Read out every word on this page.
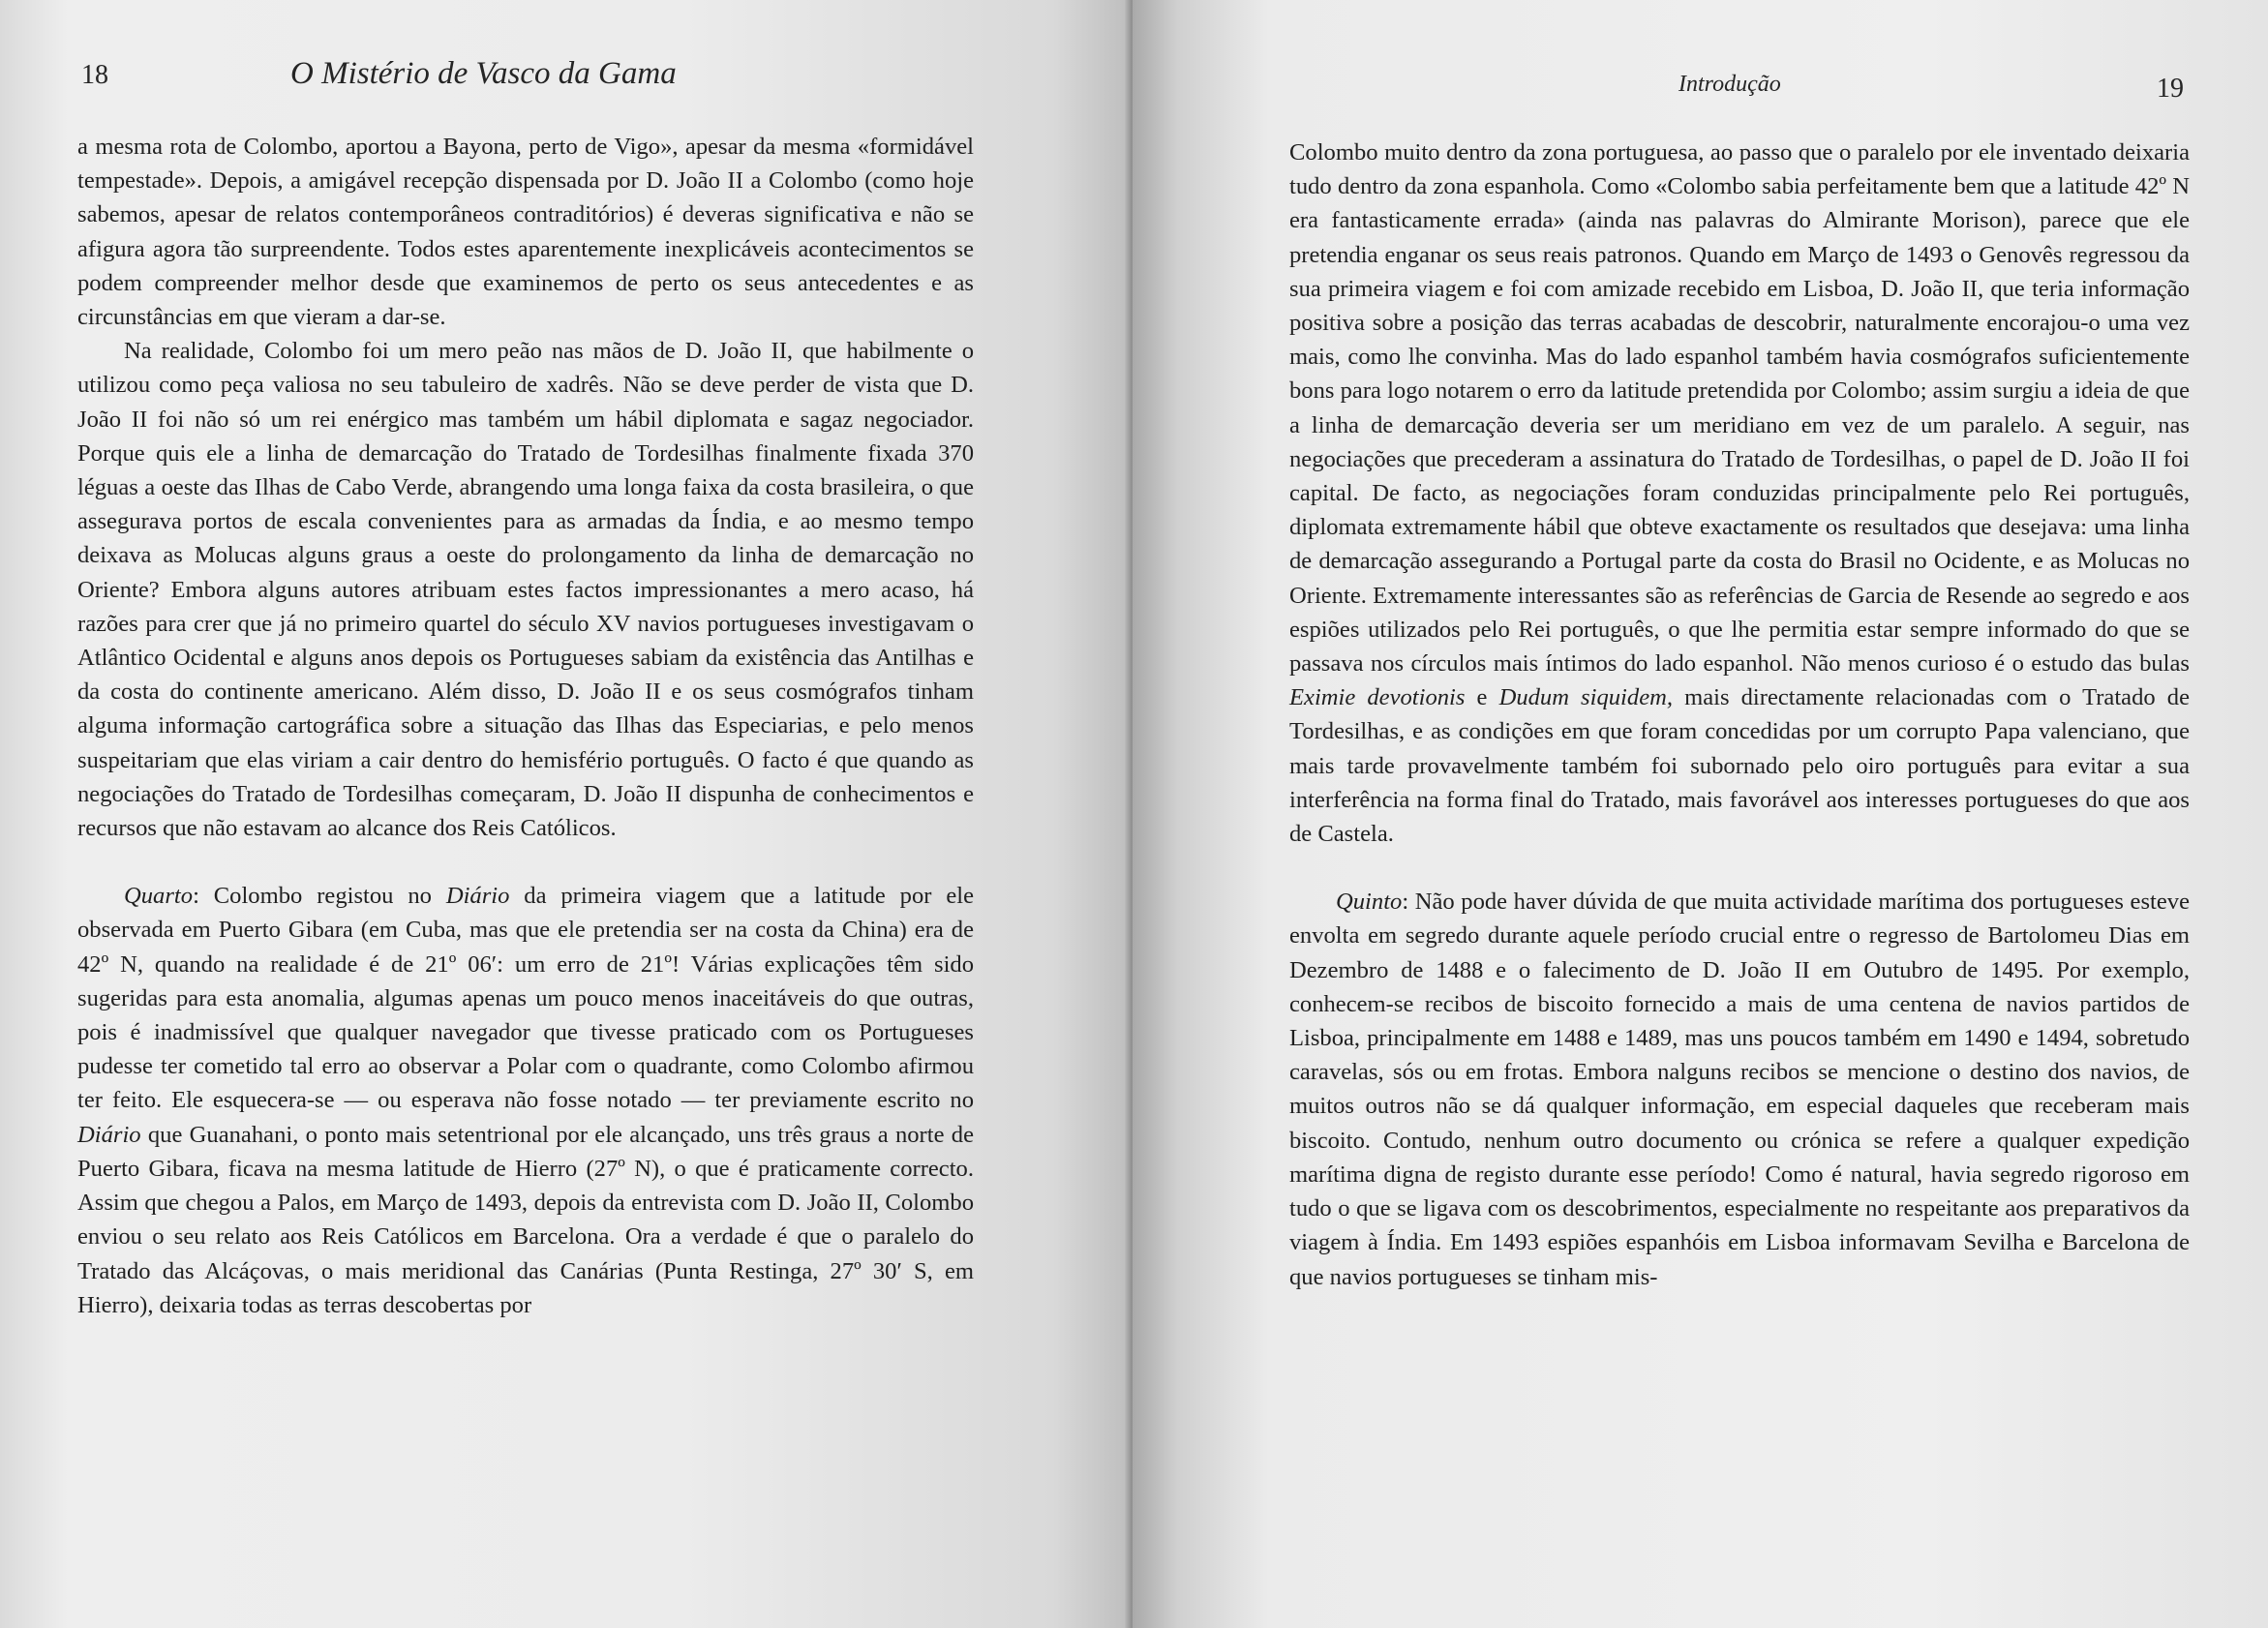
18	O Mistério de Vasco da Gama

a mesma rota de Colombo, aportou a Bayona, perto de Vigo», apesar da mesma «formidável tempestade». Depois, a amigável recepção dispensada por D. João II a Colombo (como hoje sabemos, apesar de relatos contemporâneos contraditórios) é deveras significativa e não se afigura agora tão surpreendente. Todos estes aparentemente inexplicáveis acontecimentos se podem compreender melhor desde que examinemos de perto os seus antecedentes e as circunstâncias em que vieram a dar-se.

Na realidade, Colombo foi um mero peão nas mãos de D. João II, que habilmente o utilizou como peça valiosa no seu tabuleiro de xadrês. Não se deve perder de vista que D. João II foi não só um rei enérgico mas também um hábil diplomata e sagaz negociador. Porque quis ele a linha de demarcação do Tratado de Tordesilhas finalmente fixada 370 léguas a oeste das Ilhas de Cabo Verde, abrangendo uma longa faixa da costa brasileira, o que assegurava portos de escala convenientes para as armadas da Índia, e ao mesmo tempo deixava as Molucas alguns graus a oeste do prolongamento da linha de demarcação no Oriente? Embora alguns autores atribuam estes factos impressionantes a mero acaso, há razões para crer que já no primeiro quartel do século XV navios portugueses investigavam o Atlântico Ocidental e alguns anos depois os Portugueses sabiam da existência das Antilhas e da costa do continente americano. Além disso, D. João II e os seus cosmógrafos tinham alguma informação cartográfica sobre a situação das Ilhas das Especiarias, e pelo menos suspeitariam que elas viriam a cair dentro do hemisfério português. O facto é que quando as negociações do Tratado de Tordesilhas começaram, D. João II dispunha de conhecimentos e recursos que não estavam ao alcance dos Reis Católicos.

Quarto: Colombo registou no Diário da primeira viagem que a latitude por ele observada em Puerto Gibara (em Cuba, mas que ele pretendia ser na costa da China) era de 42º N, quando na realidade é de 21º 06′: um erro de 21º! Várias explicações têm sido sugeridas para esta anomalia, algumas apenas um pouco menos inaceitáveis do que outras, pois é inadmissível que qualquer navegador que tivesse praticado com os Portugueses pudesse ter cometido tal erro ao observar a Polar com o quadrante, como Colombo afirmou ter feito. Ele esquecera-se — ou esperava não fosse notado — ter previamente escrito no Diário que Guanahani, o ponto mais setentrional por ele alcançado, uns três graus a norte de Puerto Gibara, ficava na mesma latitude de Hierro (27º N), o que é praticamente correcto. Assim que chegou a Palos, em Março de 1493, depois da entrevista com D. João II, Colombo enviou o seu relato aos Reis Católicos em Barcelona. Ora a verdade é que o paralelo do Tratado das Alcáçovas, o mais meridional das Canárias (Punta Restinga, 27º 30′ S, em Hierro), deixaria todas as terras descobertas por

Introdução	19

Colombo muito dentro da zona portuguesa, ao passo que o paralelo por ele inventado deixaria tudo dentro da zona espanhola. Como «Colombo sabia perfeitamente bem que a latitude 42º N era fantasticamente errada» (ainda nas palavras do Almirante Morison), parece que ele pretendia enganar os seus reais patronos. Quando em Março de 1493 o Genovês regressou da sua primeira viagem e foi com amizade recebido em Lisboa, D. João II, que teria informação positiva sobre a posição das terras acabadas de descobrir, naturalmente encorajou-o uma vez mais, como lhe convinha. Mas do lado espanhol também havia cosmógrafos suficientemente bons para logo notarem o erro da latitude pretendida por Colombo; assim surgiu a ideia de que a linha de demarcação deveria ser um meridiano em vez de um paralelo. A seguir, nas negociações que precederam a assinatura do Tratado de Tordesilhas, o papel de D. João II foi capital. De facto, as negociações foram conduzidas principalmente pelo Rei português, diplomata extremamente hábil que obteve exactamente os resultados que desejava: uma linha de demarcação assegurando a Portugal parte da costa do Brasil no Ocidente, e as Molucas no Oriente. Extremamente interessantes são as referências de Garcia de Resende ao segredo e aos espiões utilizados pelo Rei português, o que lhe permitia estar sempre informado do que se passava nos círculos mais íntimos do lado espanhol. Não menos curioso é o estudo das bulas Eximie devotionis e Dudum siquidem, mais directamente relacionadas com o Tratado de Tordesilhas, e as condições em que foram concedidas por um corrupto Papa valenciano, que mais tarde provavelmente também foi subornado pelo oiro português para evitar a sua interferência na forma final do Tratado, mais favorável aos interesses portugueses do que aos de Castela.

Quinto: Não pode haver dúvida de que muita actividade marítima dos portugueses esteve envolta em segredo durante aquele período crucial entre o regresso de Bartolomeu Dias em Dezembro de 1488 e o falecimento de D. João II em Outubro de 1495. Por exemplo, conhecem-se recibos de biscoito fornecido a mais de uma centena de navios partidos de Lisboa, principalmente em 1488 e 1489, mas uns poucos também em 1490 e 1494, sobretudo caravelas, sós ou em frotas. Embora nalguns recibos se mencione o destino dos navios, de muitos outros não se dá qualquer informação, em especial daqueles que receberam mais biscoito. Contudo, nenhum outro documento ou crónica se refere a qualquer expedição marítima digna de registo durante esse período! Como é natural, havia segredo rigoroso em tudo o que se ligava com os descobrimentos, especialmente no respeitante aos preparativos da viagem à Índia. Em 1493 espiões espanhóis em Lisboa informavam Sevilha e Barcelona de que navios portugueses se tinham mis-
